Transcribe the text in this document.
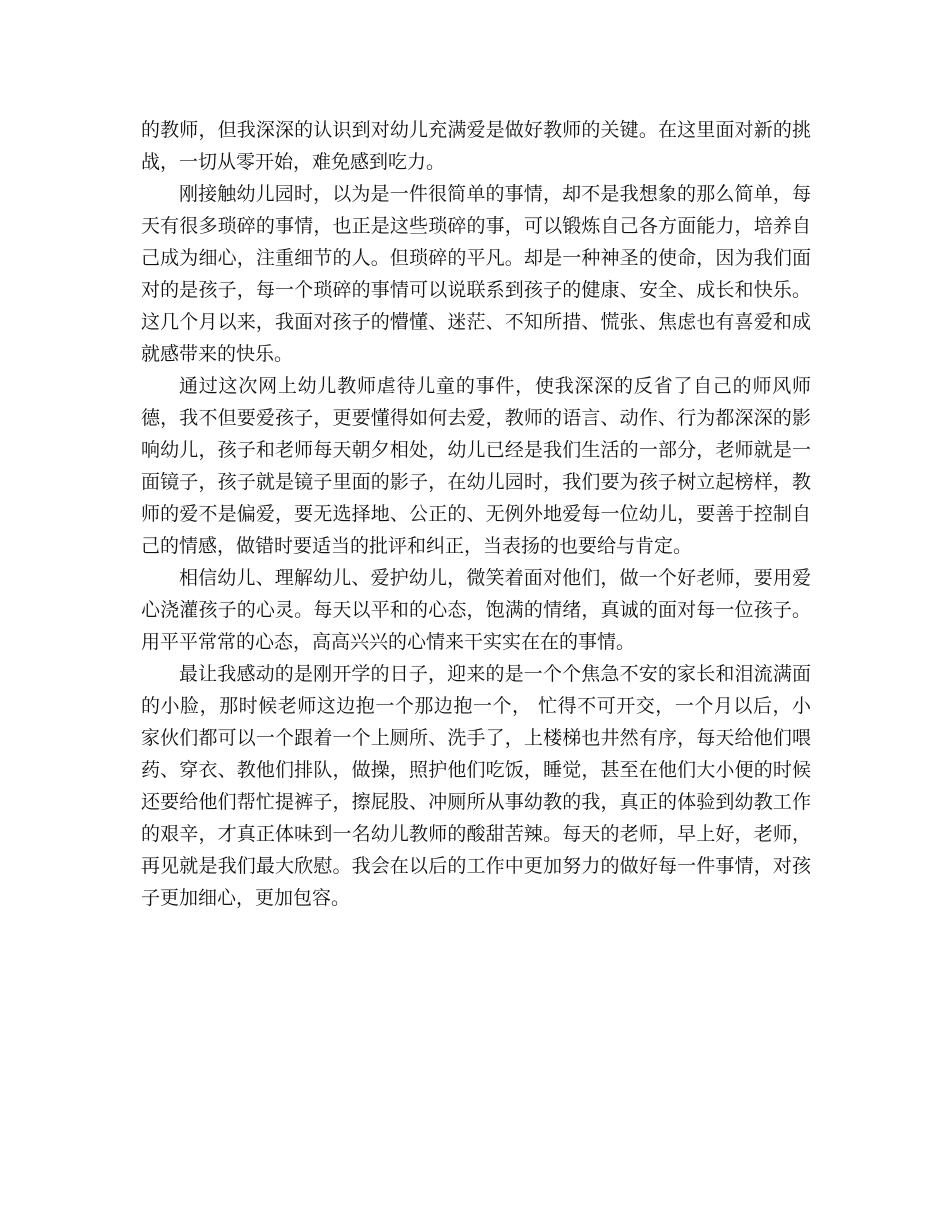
的教师，但我深深的认识到对幼儿充满爱是做好教师的关键。在这里面对新的挑战，一切从零开始，难免感到吃力。

刚接触幼儿园时，以为是一件很简单的事情，却不是我想象的那么简单，每天有很多琐碎的事情，也正是这些琐碎的事，可以锻炼自己各方面能力，培养自己成为细心，注重细节的人。但琐碎的平凡。却是一种神圣的使命，因为我们面对的是孩子，每一个琐碎的事情可以说联系到孩子的健康、安全、成长和快乐。这几个月以来，我面对孩子的懵懂、迷茫、不知所措、慌张、焦虑也有喜爱和成就感带来的快乐。

通过这次网上幼儿教师虐待儿童的事件，使我深深的反省了自己的师风师德，我不但要爱孩子，更要懂得如何去爱，教师的语言、动作、行为都深深的影响幼儿，孩子和老师每天朝夕相处，幼儿已经是我们生活的一部分，老师就是一面镜子，孩子就是镜子里面的影子，在幼儿园时，我们要为孩子树立起榜样，教师的爱不是偏爱，要无选择地、公正的、无例外地爱每一位幼儿，要善于控制自己的情感，做错时要适当的批评和纠正，当表扬的也要给与肯定。

相信幼儿、理解幼儿、爱护幼儿，微笑着面对他们，做一个好老师，要用爱心浇灌孩子的心灵。每天以平和的心态，饱满的情绪，真诚的面对每一位孩子。用平平常常的心态，高高兴兴的心情来干实实在在的事情。

最让我感动的是刚开学的日子，迎来的是一个个焦急不安的家长和泪流满面的小脸，那时候老师这边抱一个那边抱一个， 忙得不可开交，一个月以后，小家伙们都可以一个跟着一个上厕所、洗手了，上楼梯也井然有序，每天给他们喂药、穿衣、教他们排队，做操，照护他们吃饭，睡觉，甚至在他们大小便的时候还要给他们帮忙提裤子，擦屁股、冲厕所从事幼教的我，真正的体验到幼教工作的艰辛，才真正体味到一名幼儿教师的酸甜苦辣。每天的老师，早上好，老师，再见就是我们最大欣慰。我会在以后的工作中更加努力的做好每一件事情，对孩子更加细心，更加包容。
